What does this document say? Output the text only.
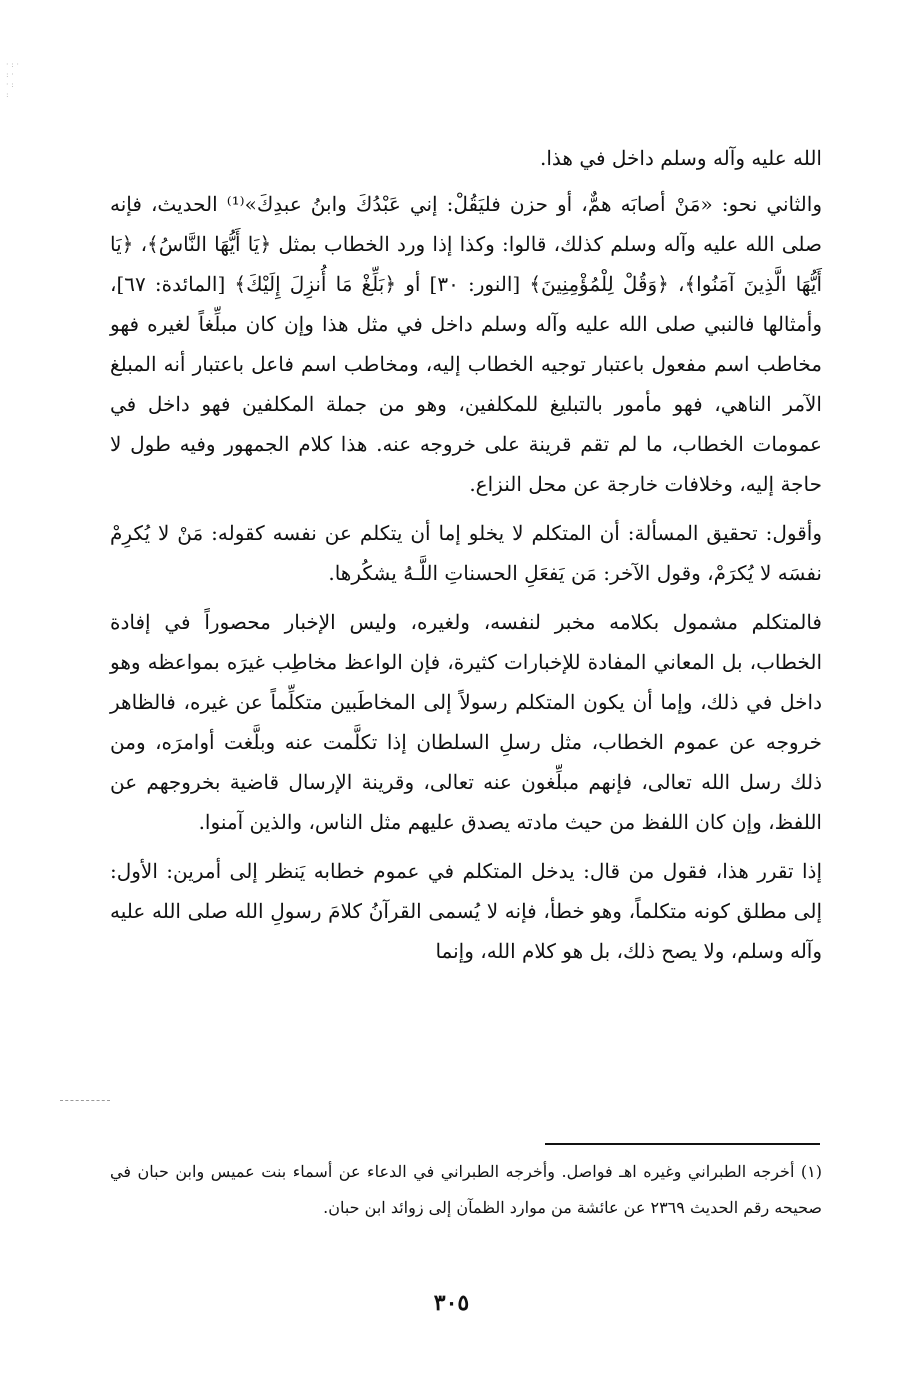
· : ·
: ·
· :
:

الله عليه وآله وسلم داخل في هذا.

والثاني نحو: «مَنْ أصابَه همٌّ، أو حزن فليَقُلْ: إني عَبْدُكَ وابنُ عبدِكَ»⁽¹⁾ الحديث، فإنه صلى الله عليه وآله وسلم كذلك، قالوا: وكذا إذا ورد الخطاب بمثل ﴿يَا أَيُّهَا النَّاسُ﴾، ﴿يَا أَيُّهَا الَّذِينَ آمَنُوا﴾، ﴿وَقُلْ لِلْمُؤْمِنِينَ﴾ [النور: ٣٠] أو ﴿بَلِّغْ مَا أُنزِلَ إِلَيْكَ﴾ [المائدة: ٦٧]، وأمثالها فالنبي صلى الله عليه وآله وسلم داخل في مثل هذا وإن كان مبلِّغاً لغيره فهو مخاطب اسم مفعول باعتبار توجيه الخطاب إليه، ومخاطب اسم فاعل باعتبار أنه المبلغ الآمر الناهي، فهو مأمور بالتبليغ للمكلفين، وهو من جملة المكلفين فهو داخل في عمومات الخطاب، ما لم تقم قرينة على خروجه عنه. هذا كلام الجمهور وفيه طول لا حاجة إليه، وخلافات خارجة عن محل النزاع.

وأقول: تحقيق المسألة: أن المتكلم لا يخلو إما أن يتكلم عن نفسه كقوله: مَنْ لا يُكرِمْ نفسَه لا يُكرَمْ، وقول الآخر: مَن يَفعَلِ الحسناتِ اللَّـهُ يشكُرها.

فالمتكلم مشمول بكلامه مخبر لنفسه، ولغيره، وليس الإخبار محصوراً في إفادة الخطاب، بل المعاني المفادة للإخبارات كثيرة، فإن الواعظ مخاطِب غيرَه بمواعظه وهو داخل في ذلك، وإما أن يكون المتكلم رسولاً إلى المخاطَبين متكلِّماً عن غيره، فالظاهر خروجه عن عموم الخطاب، مثل رسلِ السلطان إذا تكلَّمت عنه وبلَّغت أوامرَه، ومن ذلك رسل الله تعالى، فإنهم مبلِّغون عنه تعالى، وقرينة الإرسال قاضية بخروجهم عن اللفظ، وإن كان اللفظ من حيث مادته يصدق عليهم مثل الناس، والذين آمنوا.

إذا تقرر هذا، فقول من قال: يدخل المتكلم في عموم خطابه يَنظر إلى أمرين: الأول: إلى مطلق كونه متكلماً، وهو خطأ، فإنه لا يُسمى القرآنُ كلامَ رسولِ الله صلى الله عليه وآله وسلم، ولا يصح ذلك، بل هو كلام الله، وإنما

(١) أخرجه الطبراني وغيره اهـ فواصل. وأخرجه الطبراني في الدعاء عن أسماء بنت عميس وابن حبان في صحيحه رقم الحديث ٢٣٦٩ عن عائشة من موارد الظمآن إلى زوائد ابن حبان.

٣٠٥
